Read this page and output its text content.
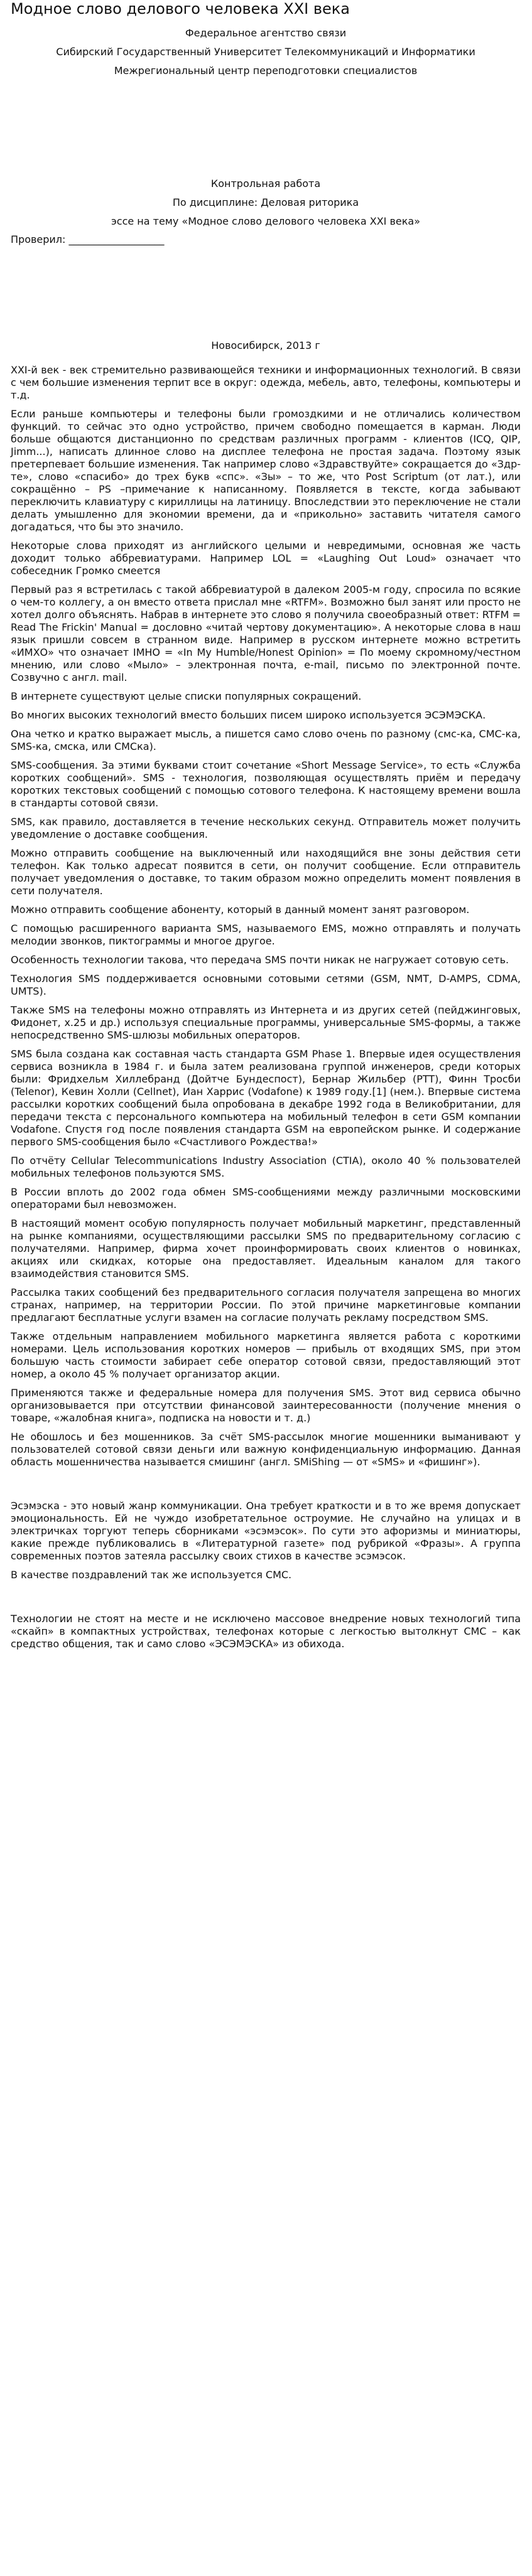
Модное слово делового человека XXI века
Федеральное агентство связи
Сибирский Государственный Университет Телекоммуникаций и Информатики
Межрегиональный центр переподготовки специалистов
Контрольная работа
По дисциплине: Деловая риторика
эссе на тему «Модное слово делового человека XXI века»
Проверил: ___________________
Новосибирск, 2013 г

XXI-й век - век стремительно развивающейся техники и информационных технологий. В связи с чем большие изменения терпит все в округ: одежда, мебель, авто, телефоны, компьютеры и т.д.

Если раньше компьютеры и телефоны были громоздкими и не отличались количеством функций. то сейчас это одно устройство, причем свободно помещается в карман. Люди больше общаются дистанционно по средствам различных программ - клиентов (ICQ, QIP, Jimm...), написать длинное слово на дисплее телефона не простая задача. Поэтому язык претерпевает большие изменения. Так например слово «Здравствуйте» сокращается до «Здр-те», слово «спасибо» до трех букв «спс». «Зы» – то же, что Post Scriptum (от лат.), или сокращённо – PS –примечание к написанному. Появляется в тексте, когда забывают переключить клавиатуру с кириллицы на латиницу. Впоследствии это переключение не стали делать умышленно для экономии времени, да и «прикольно» заставить читателя самого догадаться, что бы это значило.

Некоторые слова приходят из английского целыми и невредимыми, основная же часть доходит только аббревиатурами. Например LOL = «Laughing Out Loud» означает что собеседник Громко смеется

Первый раз я встретилась с такой аббревиатурой в далеком 2005-м году, спросила по всякие о чем-то коллегу, а он вместо ответа прислал мне «RTFM». Возможно был занят или просто не хотел долго объяснять. Набрав в интернете это слово я получила своеобразный ответ: RTFM = Read The Frickin' Manual = дословно «читай чертову документацию». А некоторые слова в наш язык пришли совсем в странном виде. Например в русском интернете можно встретить «ИМХО» что означает IMHO = «In My Humble/Honest Opinion» = По моему скромному/честном мнению, или слово «Мыло» – электронная почта, e-mail, письмо по электронной почте. Созвучно с англ. mail.

В интернете существуют целые списки популярных сокращений.

Во многих высоких технологий вместо больших писем широко используется ЭСЭМЭСКА.

Она четко и кратко выражает мысль, а пишется само слово очень по разному (смс-ка, СМС-ка, SMS-ка, смска, или СМСка).

SMS-сообщения. За этими буквами стоит сочетание «Short Message Service», то есть «Служба коротких сообщений». SMS - технология, позволяющая осуществлять приём и передачу коротких текстовых сообщений с помощью сотового телефона. К настоящему времени вошла в стандарты сотовой связи.

SMS, как правило, доставляется в течение нескольких секунд. Отправитель может получить уведомление о доставке сообщения.

Можно отправить сообщение на выключенный или находящийся вне зоны действия сети телефон. Как только адресат появится в сети, он получит сообщение. Если отправитель получает уведомления о доставке, то таким образом можно определить момент появления в сети получателя.

Можно отправить сообщение абоненту, который в данный момент занят разговором.

С помощью расширенного варианта SMS, называемого EMS, можно отправлять и получать мелодии звонков, пиктограммы и многое другое.

Особенность технологии такова, что передача SMS почти никак не нагружает сотовую сеть.

Технология SMS поддерживается основными сотовыми сетями (GSM, NMT, D-AMPS, CDMA, UMTS).

Также SMS на телефоны можно отправлять из Интернета и из других сетей (пейджинговых, Фидонет, x.25 и др.) используя специальные программы, универсальные SMS-формы, а также непосредственно SMS-шлюзы мобильных операторов.

SMS была создана как составная часть стандарта GSM Phase 1. Впервые идея осуществления сервиса возникла в 1984 г. и была затем реализована группой инженеров, среди которых были: Фридхельм Хиллебранд (Дойтче Бундеспост), Бернар Жильбер (PTT), Финн Тросби (Telenor), Кевин Холли (Cellnet), Иан Харрис (Vodafone) к 1989 году.[1] (нем.). Впервые система рассылки коротких сообщений была опробована в декабре 1992 года в Великобритании, для передачи текста с персонального компьютера на мобильный телефон в сети GSM компании Vodafone. Спустя год после появления стандарта GSM на европейском рынке. И содержание первого SMS-сообщения было «Счастливого Рождества!»

По отчёту Cellular Telecommunications Industry Association (CTIA), около 40 % пользователей мобильных телефонов пользуются SMS.

В России вплоть до 2002 года обмен SMS-сообщениями между различными московскими операторами был невозможен.

В настоящий момент особую популярность получает мобильный маркетинг, представленный на рынке компаниями, осуществляющими рассылки SMS по предварительному согласию с получателями. Например, фирма хочет проинформировать своих клиентов о новинках, акциях или скидках, которые она предоставляет. Идеальным каналом для такого взаимодействия становится SMS.

Рассылка таких сообщений без предварительного согласия получателя запрещена во многих странах, например, на территории России. По этой причине маркетинговые компании предлагают бесплатные услуги взамен на согласие получать рекламу посредством SMS.

Также отдельным направлением мобильного маркетинга является работа с короткими номерами. Цель использования коротких номеров — прибыль от входящих SMS, при этом большую часть стоимости забирает себе оператор сотовой связи, предоставляющий этот номер, а около 45 % получает организатор акции.

Применяются также и федеральные номера для получения SMS. Этот вид сервиса обычно организовывается при отсутствии финансовой заинтересованности (получение мнения о товаре, «жалобная книга», подписка на новости и т. д.)

Не обошлось и без мошенников. За счёт SMS-рассылок многие мошенники выманивают у пользователей сотовой связи деньги или важную конфиденциальную информацию. Данная область мошенничества называется смишинг (англ. SMiShing — от «SMS» и «фишинг»).

Эсэмэска - это новый жанр коммуникации. Она требует краткости и в то же время допускает эмоциональность. Ей не чуждо изобретательное остроумие. Не случайно на улицах и в электричках торгуют теперь сборниками «эсэмэсок». По сути это афоризмы и миниатюры, какие прежде публиковались в «Литературной газете» под рубрикой «Фразы». А группа современных поэтов затеяла рассылку своих стихов в качестве эсэмэсок.

В качестве поздравлений так же используется СМС.

Технологии не стоят на месте и не исключено массовое внедрение новых технологий типа «скайп» в компактных устройствах, телефонах которые с легкостью вытолкнут СМС – как средство общения, так и само слово «ЭСЭМЭСКА» из обихода.
